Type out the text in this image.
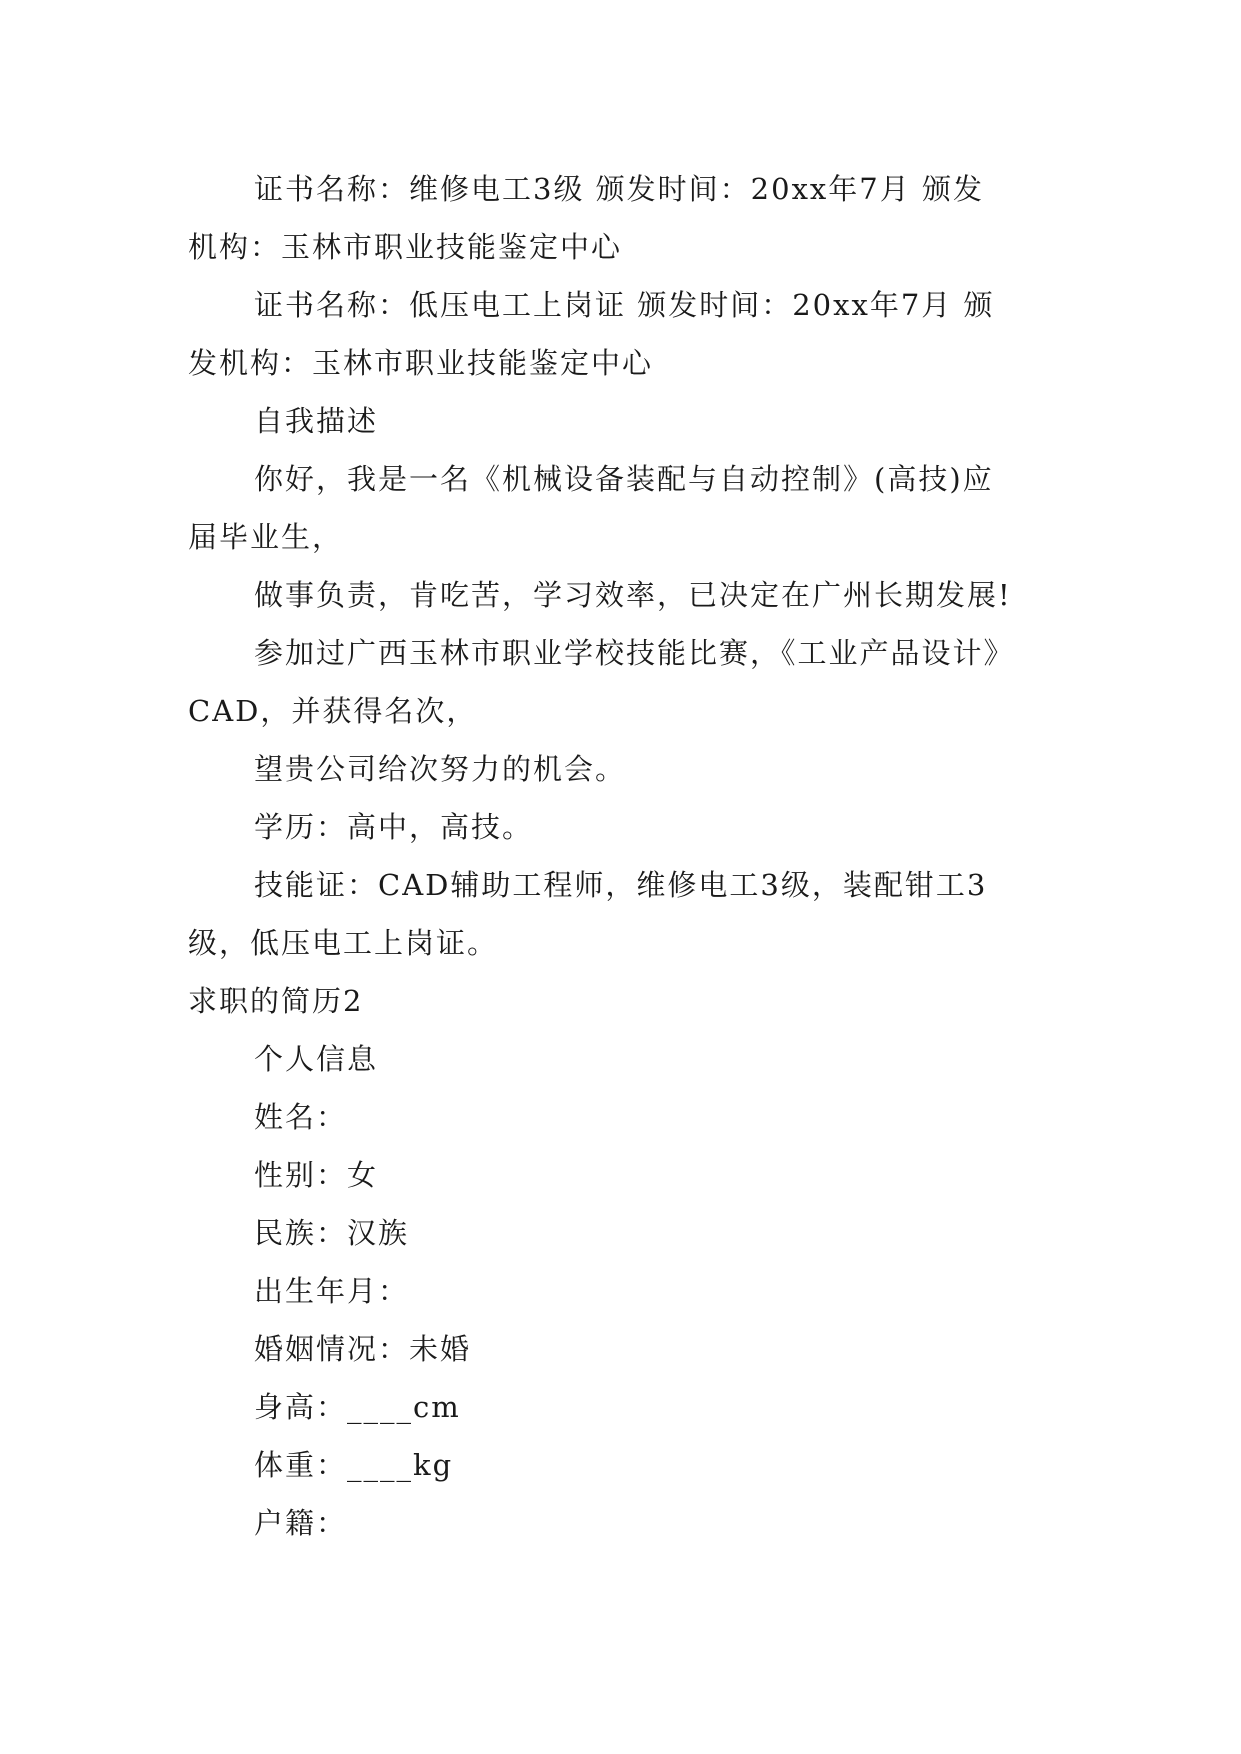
证书名称：维修电工3级 颁发时间：20xx年7月 颁发
机构：玉林市职业技能鉴定中心
证书名称：低压电工上岗证 颁发时间：20xx年7月 颁
发机构：玉林市职业技能鉴定中心
自我描述
你好，我是一名《机械设备装配与自动控制》(高技)应
届毕业生，
做事负责，肯吃苦，学习效率，已决定在广州长期发展!
参加过广西玉林市职业学校技能比赛，《工业产品设计》
CAD，并获得名次，
望贵公司给次努力的机会。
学历：高中，高技。
技能证：CAD辅助工程师，维修电工3级，装配钳工3
级，低压电工上岗证。
求职的简历2
个人信息
姓名：
性别：女
民族：汉族
出生年月：
婚姻情况：未婚
身高：____cm
体重：____kg
户籍：
